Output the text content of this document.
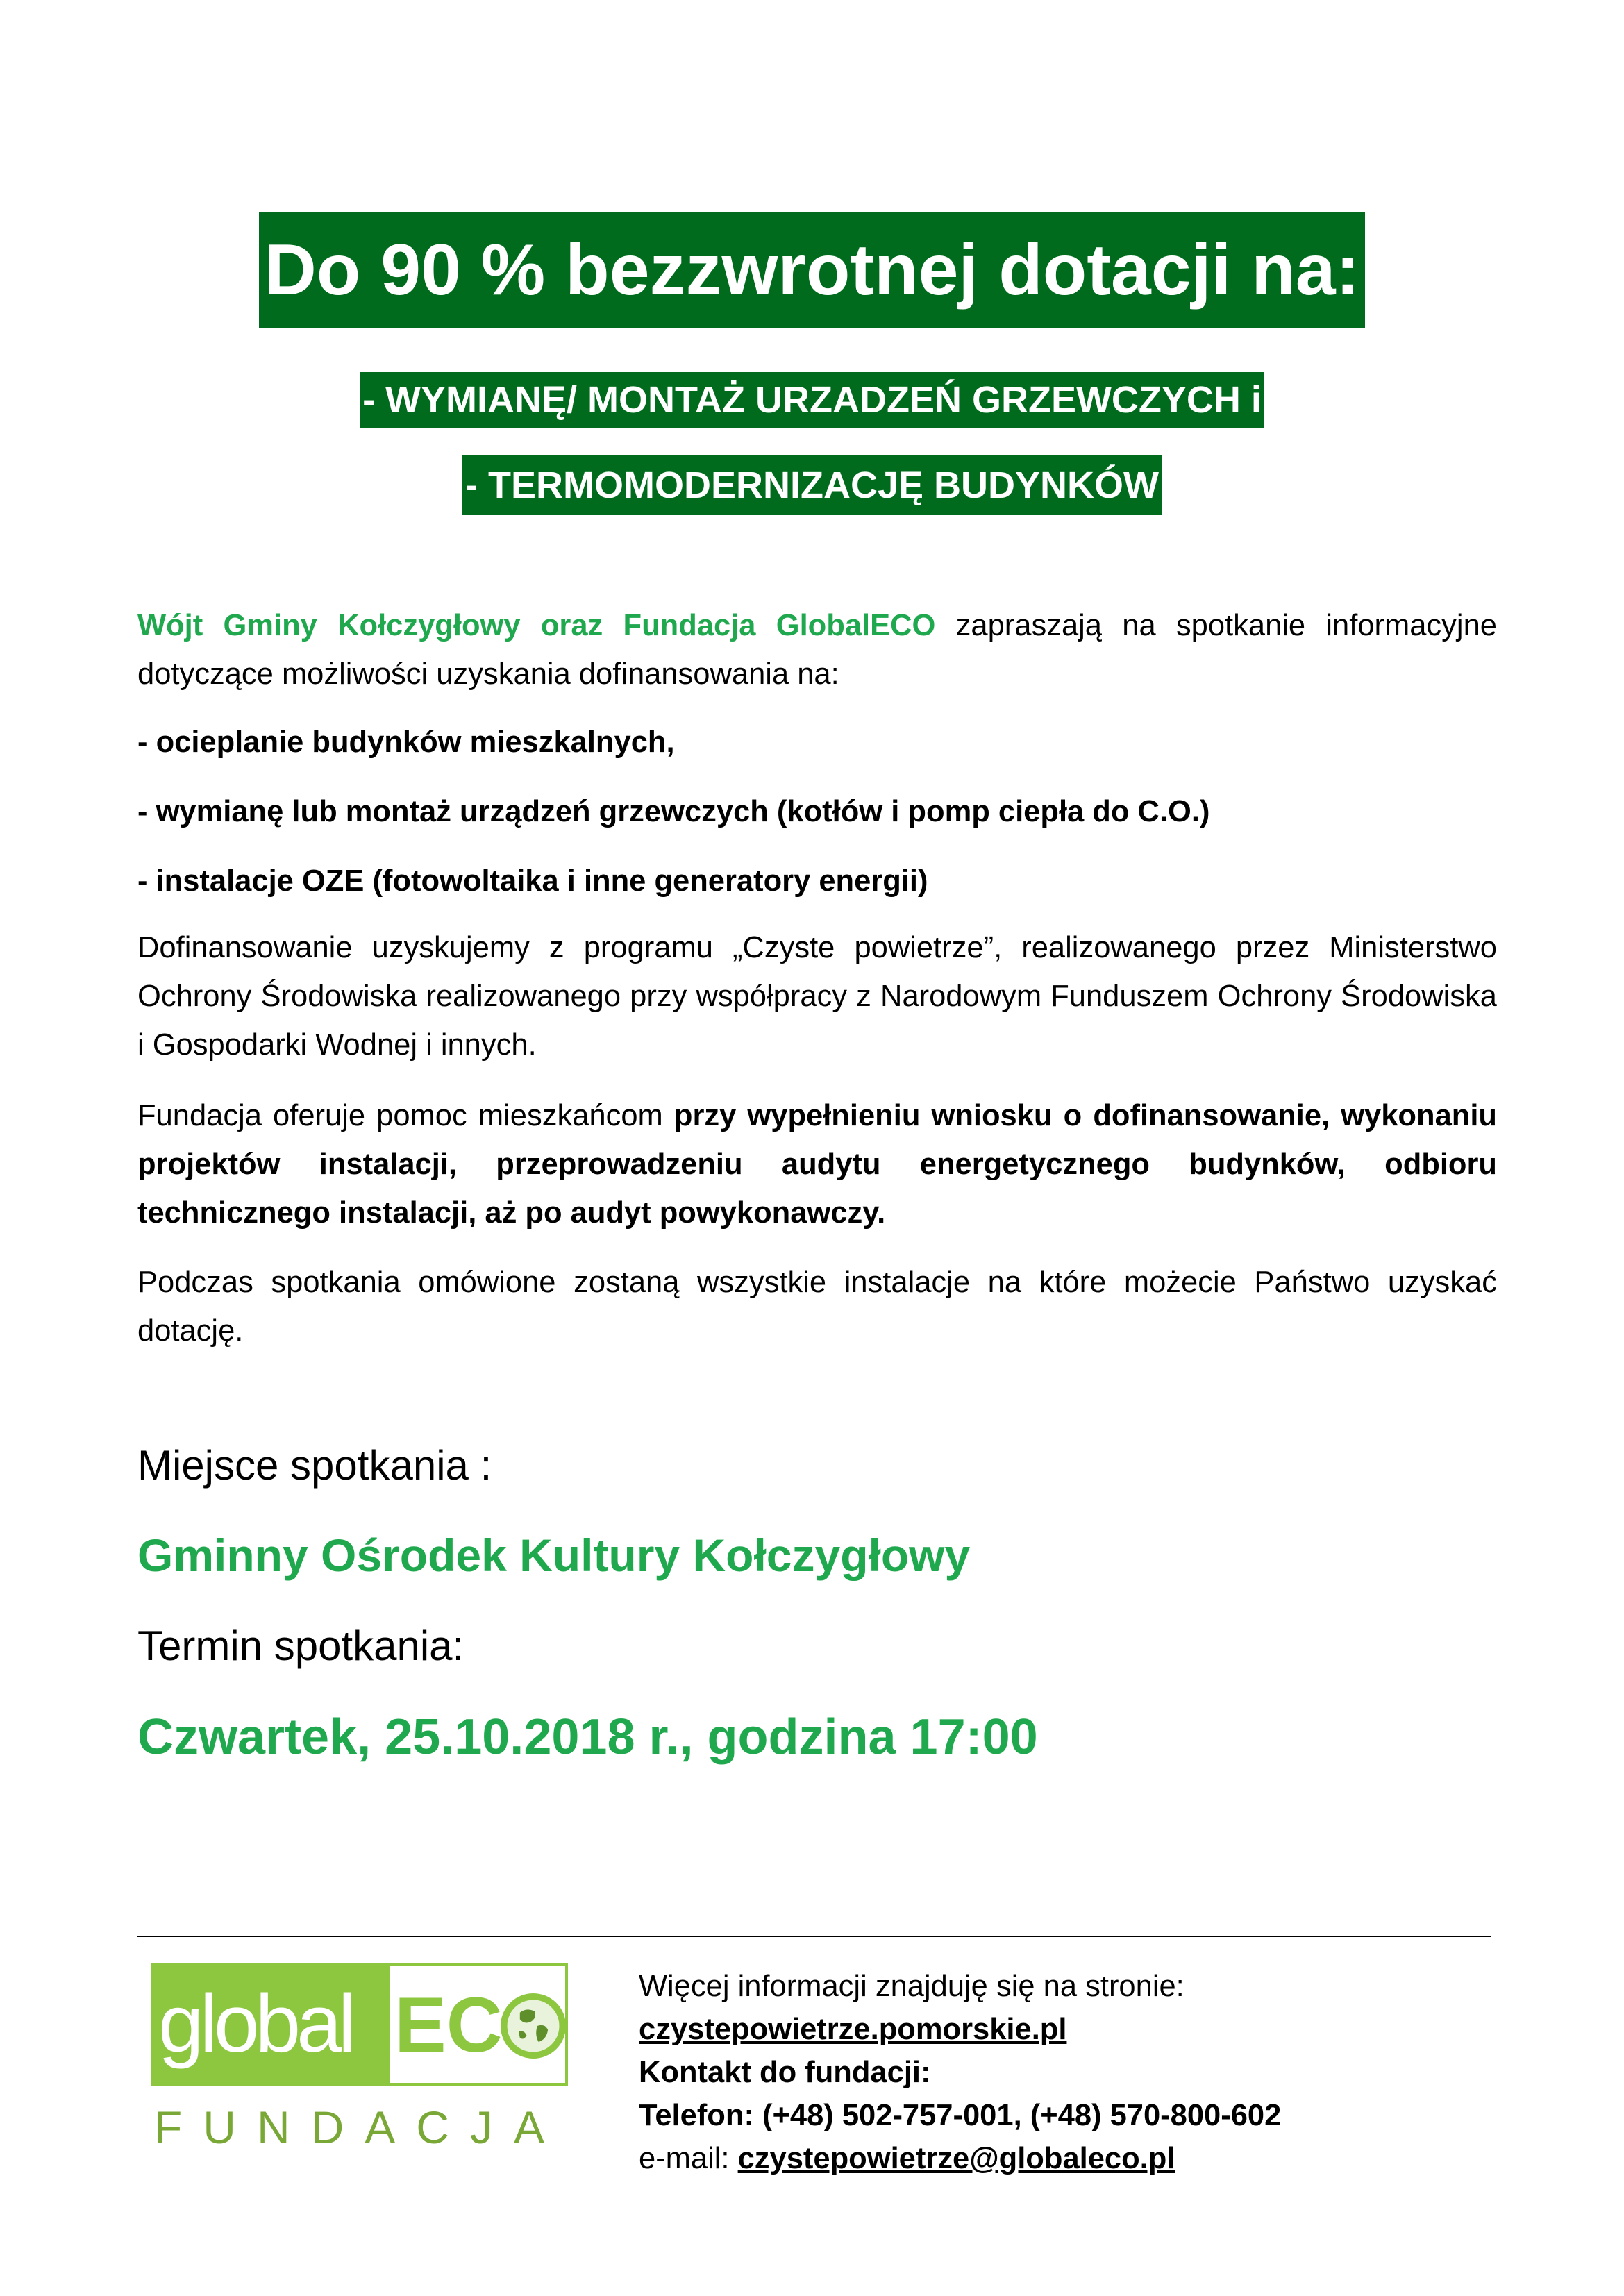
Do 90 % bezzwrotnej dotacji na:
- WYMIANĘ/ MONTAŻ URZADZEŃ GRZEWCZYCH i
- TERMOMODERNIZACJĘ BUDYNKÓW
Wójt Gminy Kołczygłowy oraz Fundacja GlobalECO zapraszają na spotkanie informacyjne dotyczące możliwości uzyskania dofinansowania na:
- ocieplanie budynków mieszkalnych,
- wymianę lub montaż urządzeń grzewczych (kotłów i pomp ciepła do C.O.)
- instalacje OZE (fotowoltaika i inne generatory energii)
Dofinansowanie uzyskujemy z programu „Czyste powietrze”, realizowanego przez Ministerstwo Ochrony Środowiska realizowanego przy współpracy z Narodowym Funduszem Ochrony Środowiska i Gospodarki Wodnej i innych.
Fundacja oferuje pomoc mieszkańcom przy wypełnieniu wniosku o dofinansowanie, wykonaniu projektów instalacji, przeprowadzeniu audytu energetycznego budynków, odbioru technicznego instalacji, aż po audyt powykonawczy.
Podczas spotkania omówione zostaną wszystkie instalacje na które możecie Państwo uzyskać dotację.
Miejsce spotkania :
Gminny Ośrodek Kultury Kołczygłowy
Termin spotkania:
Czwartek, 25.10.2018 r., godzina 17:00
global EC
FUNDACJA
Więcej informacji znajduję się na stronie:
czystepowietrze.pomorskie.pl
Kontakt do fundacji:
Telefon: (+48) 502-757-001, (+48) 570-800-602
e-mail: czystepowietrze@globaleco.pl
